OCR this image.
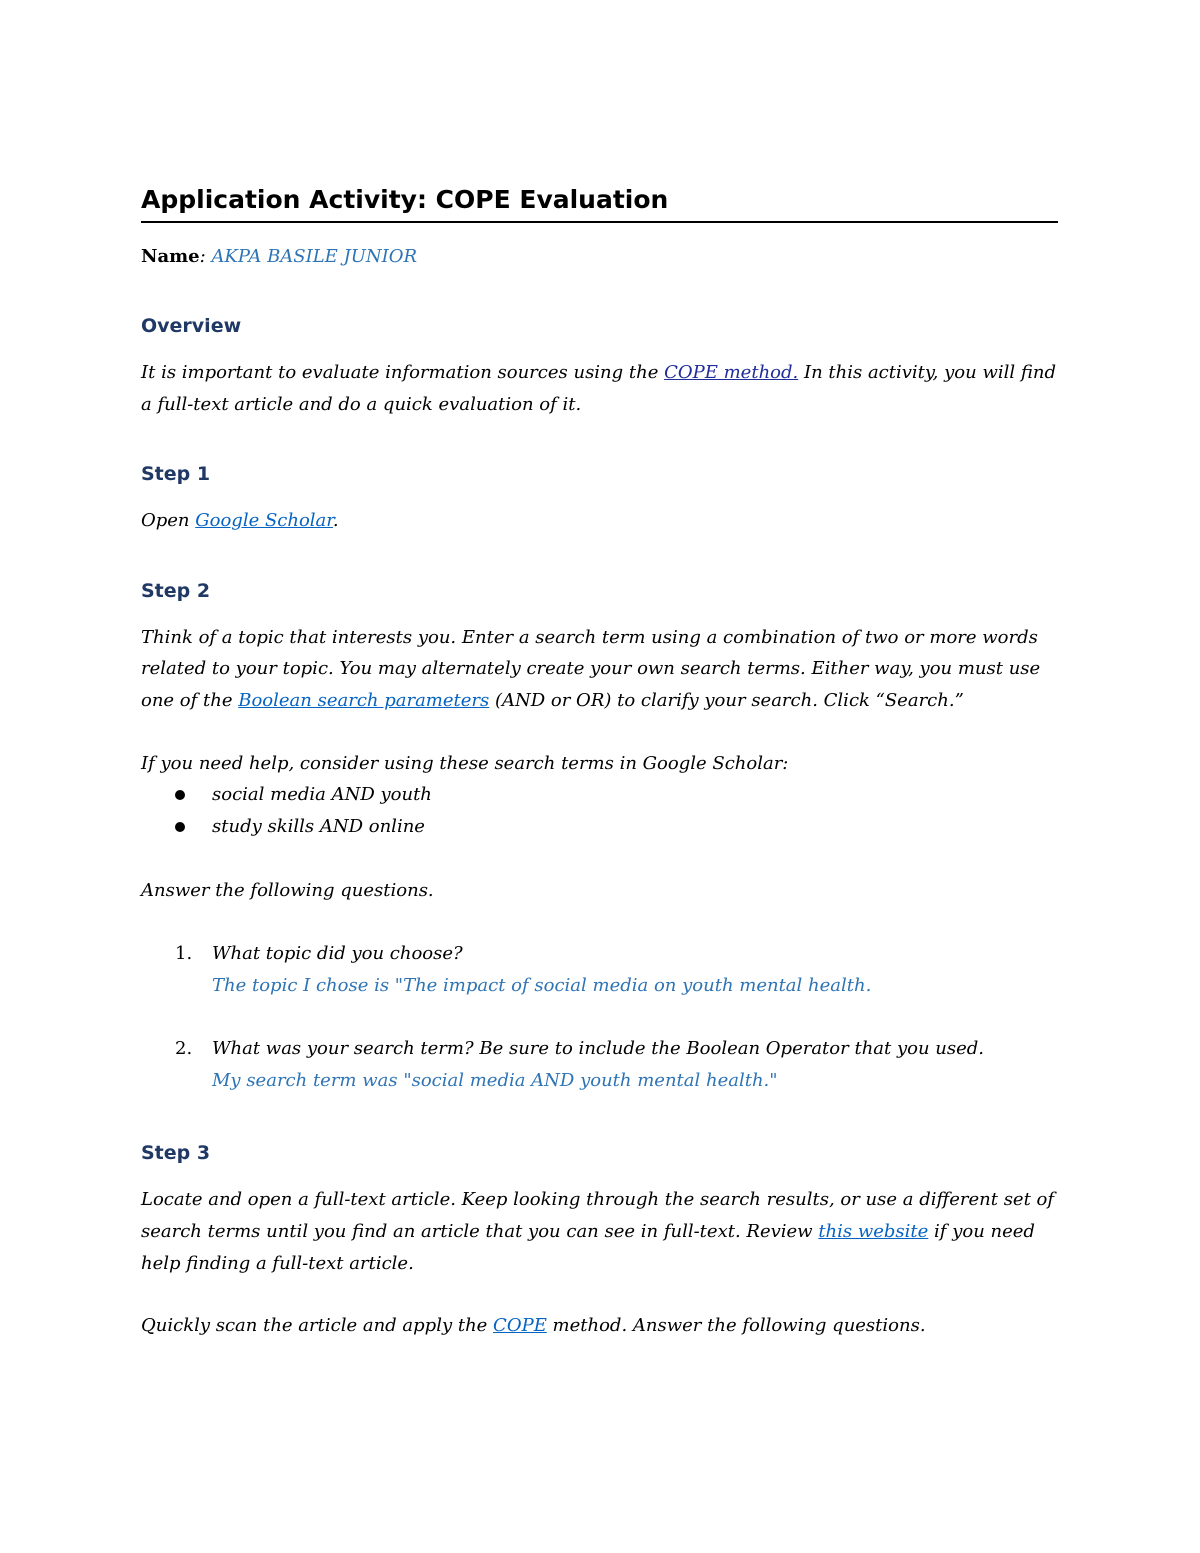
Application Activity: COPE Evaluation
Name: AKPA BASILE JUNIOR
Overview

It is important to evaluate information sources using the COPE method. In this activity, you will find a full-text article and do a quick evaluation of it.

Step 1

Open Google Scholar.

Step 2

Think of a topic that interests you. Enter a search term using a combination of two or more words related to your topic. You may alternately create your own search terms. Either way, you must use one of the Boolean search parameters (AND or OR) to clarify your search. Click “Search.”

If you need help, consider using these search terms in Google Scholar:

social media AND youth
study skills AND online

Answer the following questions.

1. What topic did you choose?
The topic I chose is "The impact of social media on youth mental health.
2. What was your search term? Be sure to include the Boolean Operator that you used.
My search term was "social media AND youth mental health."
Step 3

Locate and open a full-text article. Keep looking through the search results, or use a different set of search terms until you find an article that you can see in full-text. Review this website if you need help finding a full-text article.

Quickly scan the article and apply the COPE method. Answer the following questions.
